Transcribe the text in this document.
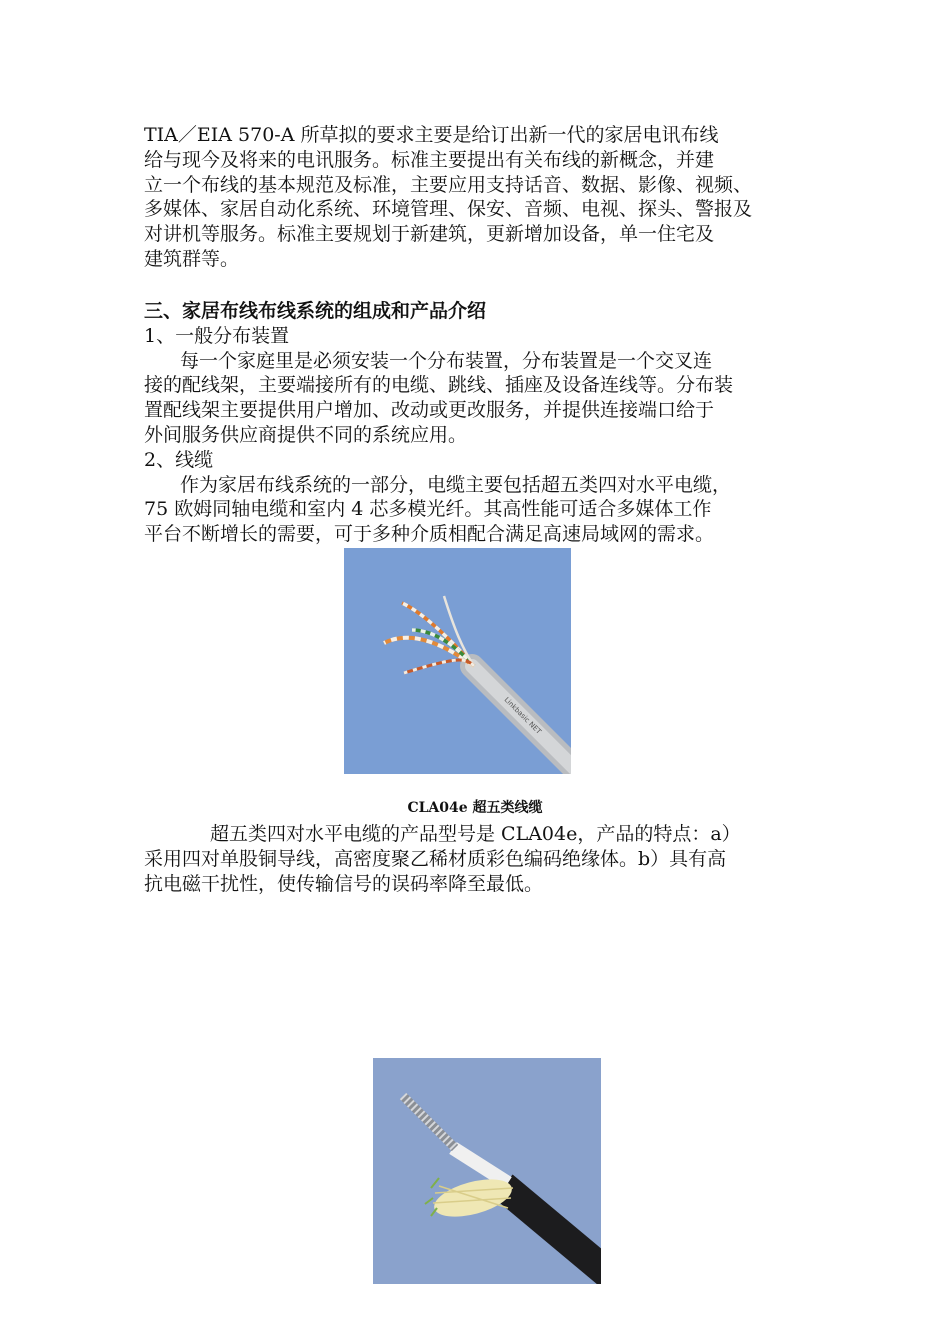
TIA／EIA 570-A 所草拟的要求主要是给订出新一代的家居电讯布线

给与现今及将来的电讯服务。标准主要提出有关布线的新概念，并建

立一个布线的基本规范及标准，主要应用支持话音、数据、影像、视频、

多媒体、家居自动化系统、环境管理、保安、音频、电视、探头、警报及

对讲机等服务。标准主要规划于新建筑，更新增加设备，单一住宅及

建筑群等。

三、家居布线布线系统的组成和产品介绍

1、一般分布装置

每一个家庭里是必须安装一个分布装置，分布装置是一个交叉连

接的配线架，主要端接所有的电缆、跳线、插座及设备连线等。分布装

置配线架主要提供用户增加、改动或更改服务，并提供连接端口给于

外间服务供应商提供不同的系统应用。

2、线缆

作为家居布线系统的一部分，电缆主要包括超五类四对水平电缆，

75 欧姆同轴电缆和室内 4 芯多模光纤。其高性能可适合多媒体工作

平台不断增长的需要，可于多种介质相配合满足高速局域网的需求。

Linkbasic NET
CLA04e 超五类线缆

超五类四对水平电缆的产品型号是 CLA04e，产品的特点：a）

采用四对单股铜导线，高密度聚乙稀材质彩色编码绝缘体。b）具有高

抗电磁干扰性，使传输信号的误码率降至最低。
